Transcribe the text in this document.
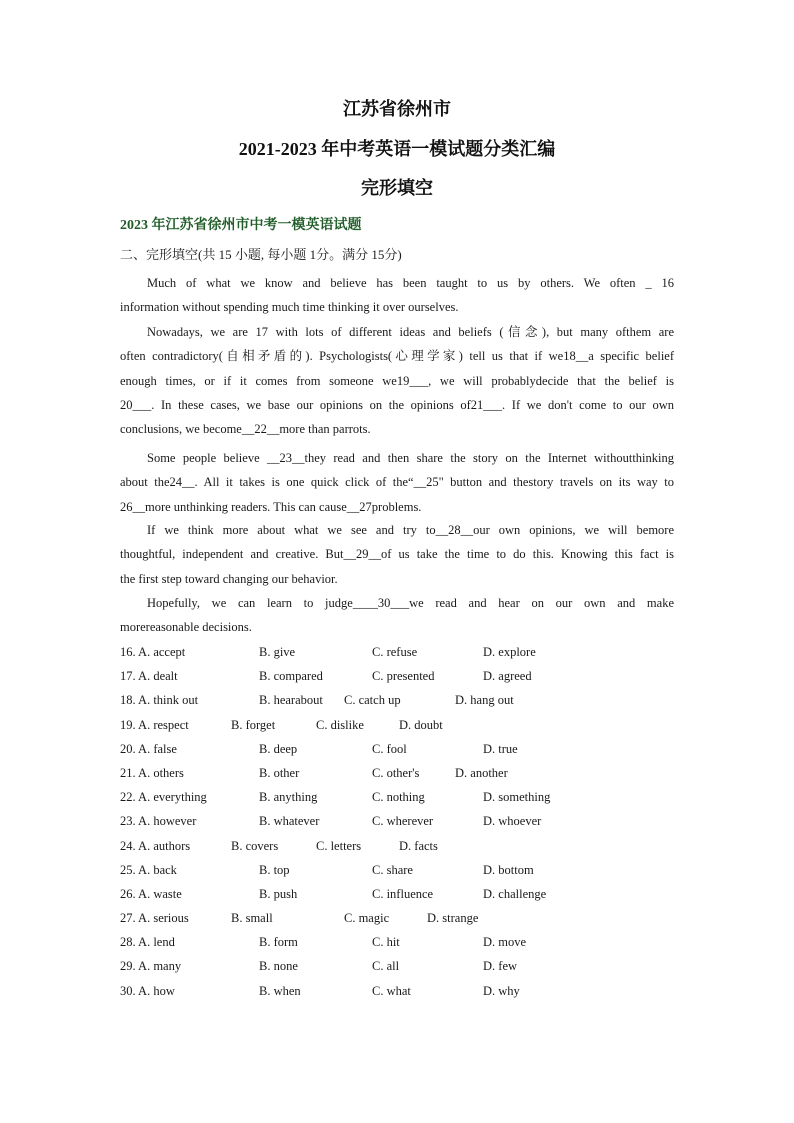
江苏省徐州市
2021-2023 年中考英语一模试题分类汇编
完形填空
2023 年江苏省徐州市中考一模英语试题
二、完形填空(共 15 小题, 每小题 1分。满分 15分)
Much of what we know and believe has been taught to us by others. We often _ 16
information without spending much time thinking it over ourselves.
Nowadays, we are 17 with lots of different ideas and beliefs (信念), but many ofthem are
often contradictory(自相矛盾的). Psychologists(心理学家) tell us that if we18__a specific belief
enough times, or if it comes from someone we19___, we will probablydecide that the belief is
20___. In these cases, we base our opinions on the opinions of21___. If we don't come to our own
conclusions, we become__22__more than parrots.
Some people believe __23__they read and then share the story on the Internet withoutthinking
about the24__. All it takes is one quick click of the“__25" button and thestory travels on its way to
26__more unthinking readers. This can cause__27problems.
If we think more about what we see and try to__28__our own opinions, we will bemore
thoughtful, independent and creative. But__29__of us take the time to do this. Knowing this fact is
the first step toward changing our behavior.
Hopefully, we can learn to judge____30___we read and hear on our own and make
morereasonable decisions.
16. A. accept	B. give	C. refuse	D. explore
17. A. dealt	B. compared	C. presented	D. agreed
18. A. think out	B. hearabout C. catch up	D. hang out
19. A. respect	B. forget	C. dislike	D. doubt
20. A. false	B. deep	C. fool	D. true
21. A. others	B. other	C. other's	D. another
22. A. everything	B. anything	C. nothing	D. something
23. A. however	B. whatever	C. wherever	D. whoever
24. A. authors	B. covers	C. letters	D. facts
25. A. back	B. top	C. share	D. bottom
26. A. waste	B. push	C. influence	D. challenge
27. A. serious	B. small	C. magic	D. strange
28. A. lend	B. form	C. hit	D. move
29. A. many	B. none	C. all	D. few
30. A. how	B. when	C. what	D. why
